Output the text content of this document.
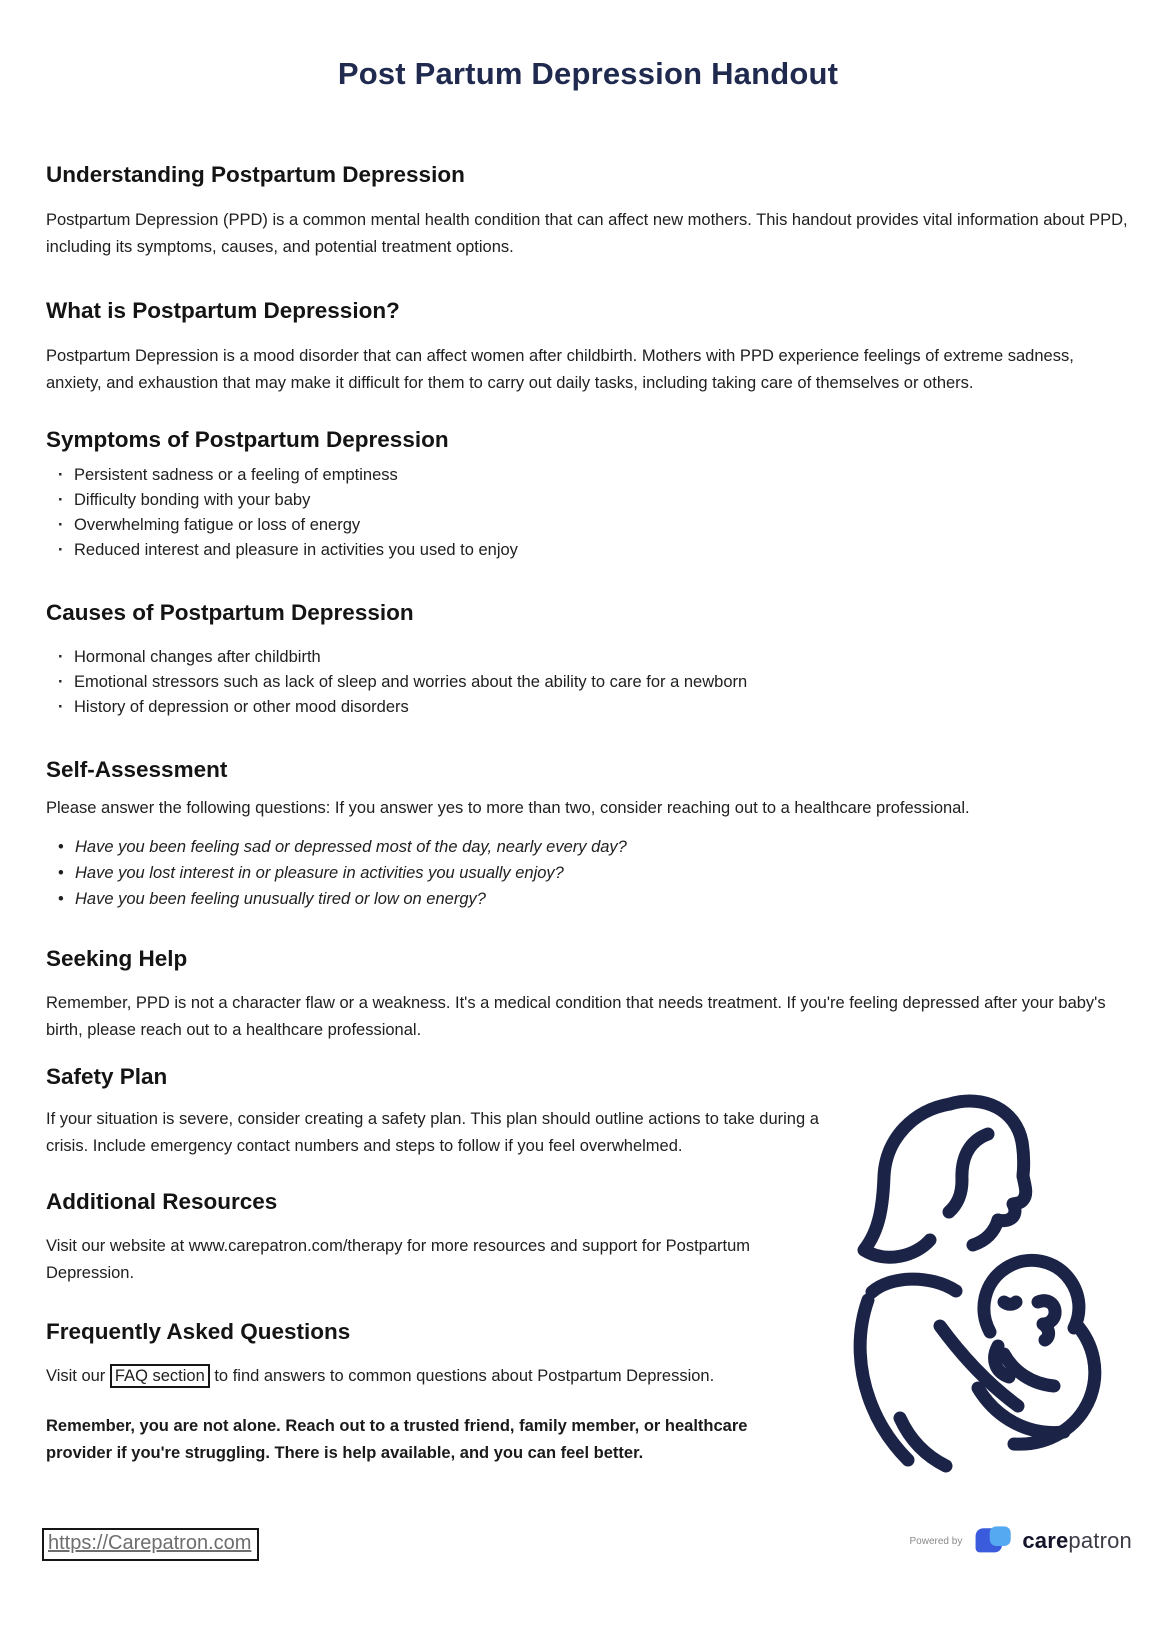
Post Partum Depression Handout
Understanding Postpartum Depression

Postpartum Depression (PPD) is a common mental health condition that can affect new mothers. This handout provides vital information about PPD, including its symptoms, causes, and potential treatment options.

What is Postpartum Depression?

Postpartum Depression is a mood disorder that can affect women after childbirth. Mothers with PPD experience feelings of extreme sadness, anxiety, and exhaustion that may make it difficult for them to carry out daily tasks, including taking care of themselves or others.

Symptoms of Postpartum Depression
· Persistent sadness or a feeling of emptiness
· Difficulty bonding with your baby
· Overwhelming fatigue or loss of energy
· Reduced interest and pleasure in activities you used to enjoy
Causes of Postpartum Depression
· Hormonal changes after childbirth
· Emotional stressors such as lack of sleep and worries about the ability to care for a newborn
· History of depression or other mood disorders
Self-Assessment

Please answer the following questions: If you answer yes to more than two, consider reaching out to a healthcare professional.

• Have you been feeling sad or depressed most of the day, nearly every day?
• Have you lost interest in or pleasure in activities you usually enjoy?
• Have you been feeling unusually tired or low on energy?
Seeking Help

Remember, PPD is not a character flaw or a weakness. It's a medical condition that needs treatment. If you're feeling depressed after your baby's birth, please reach out to a healthcare professional.

Safety Plan

If your situation is severe, consider creating a safety plan. This plan should outline actions to take during a crisis. Include emergency contact numbers and steps to follow if you feel overwhelmed.

Additional Resources

Visit our website at www.carepatron.com/therapy for more resources and support for Postpartum Depression.

Frequently Asked Questions

Visit our FAQ section to find answers to common questions about Postpartum Depression.

Remember, you are not alone. Reach out to a trusted friend, family member, or healthcare provider if you're struggling. There is help available, and you can feel better.

https://Carepatron.com	Powered by	carepatron
